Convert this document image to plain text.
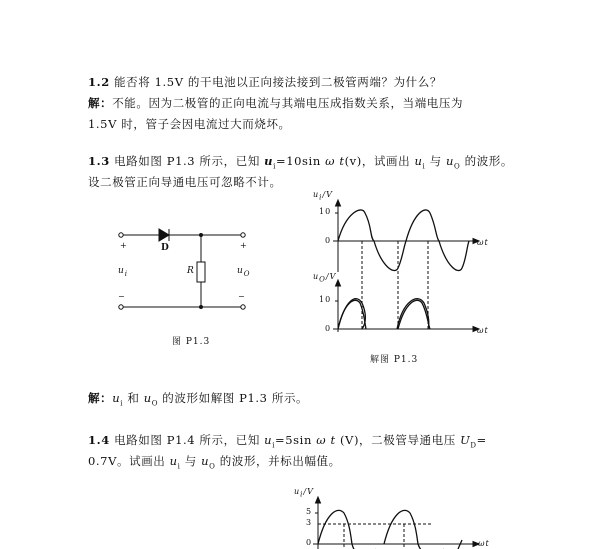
1.2 能否将 1.5V 的干电池以正向接法接到二极管两端？为什么？
解：不能。因为二极管的正向电流与其端电压成指数关系，当端电压为
1.5V 时，管子会因电流过大而烧坏。
1.3 电路如图 P1.3 所示，已知 $u_i=10\sin$ ω t(v)，试画出 $u_i$ 与 $u_O$ 的波形。
设二极管正向导通电压可忽略不计。
+	+
−	−
D
R
$u_i$	$u_O$
图 P1.3
$u_i/V$
10
0	ωt
$u_O/V$
10
0	ωt
解图 P1.3
解：$u_i$ 和 $u_O$ 的波形如解图 P1.3 所示。
1.4 电路如图 P1.4 所示，已知 $u_i=5\sin$ ω t (V)，二极管导通电压 $U_D=$
0.7V。试画出 $u_i$ 与 $u_O$ 的波形，并标出幅值。
$u_i/V$
5
3
0	ωt
